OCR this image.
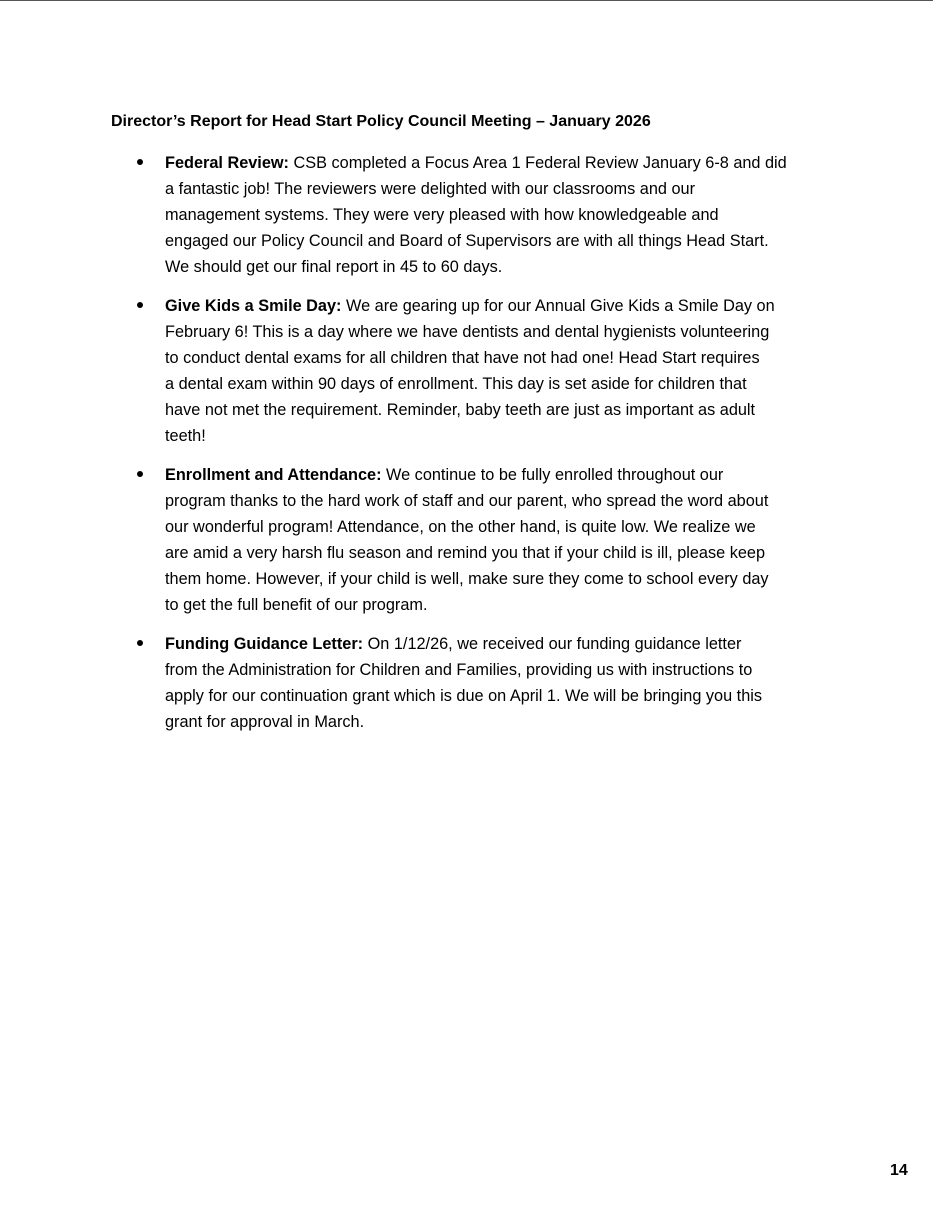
Director’s Report for Head Start Policy Council Meeting – January 2026
Federal Review: CSB completed a Focus Area 1 Federal Review January 6-8 and did
a fantastic job! The reviewers were delighted with our classrooms and our
management systems. They were very pleased with how knowledgeable and
engaged our Policy Council and Board of Supervisors are with all things Head Start.
We should get our final report in 45 to 60 days.
Give Kids a Smile Day: We are gearing up for our Annual Give Kids a Smile Day on
February 6! This is a day where we have dentists and dental hygienists volunteering
to conduct dental exams for all children that have not had one! Head Start requires
a dental exam within 90 days of enrollment. This day is set aside for children that
have not met the requirement. Reminder, baby teeth are just as important as adult
teeth!
Enrollment and Attendance: We continue to be fully enrolled throughout our
program thanks to the hard work of staff and our parent, who spread the word about
our wonderful program! Attendance, on the other hand, is quite low. We realize we
are amid a very harsh flu season and remind you that if your child is ill, please keep
them home. However, if your child is well, make sure they come to school every day
to get the full benefit of our program.
Funding Guidance Letter: On 1/12/26, we received our funding guidance letter
from the Administration for Children and Families, providing us with instructions to
apply for our continuation grant which is due on April 1. We will be bringing you this
grant for approval in March.
14
